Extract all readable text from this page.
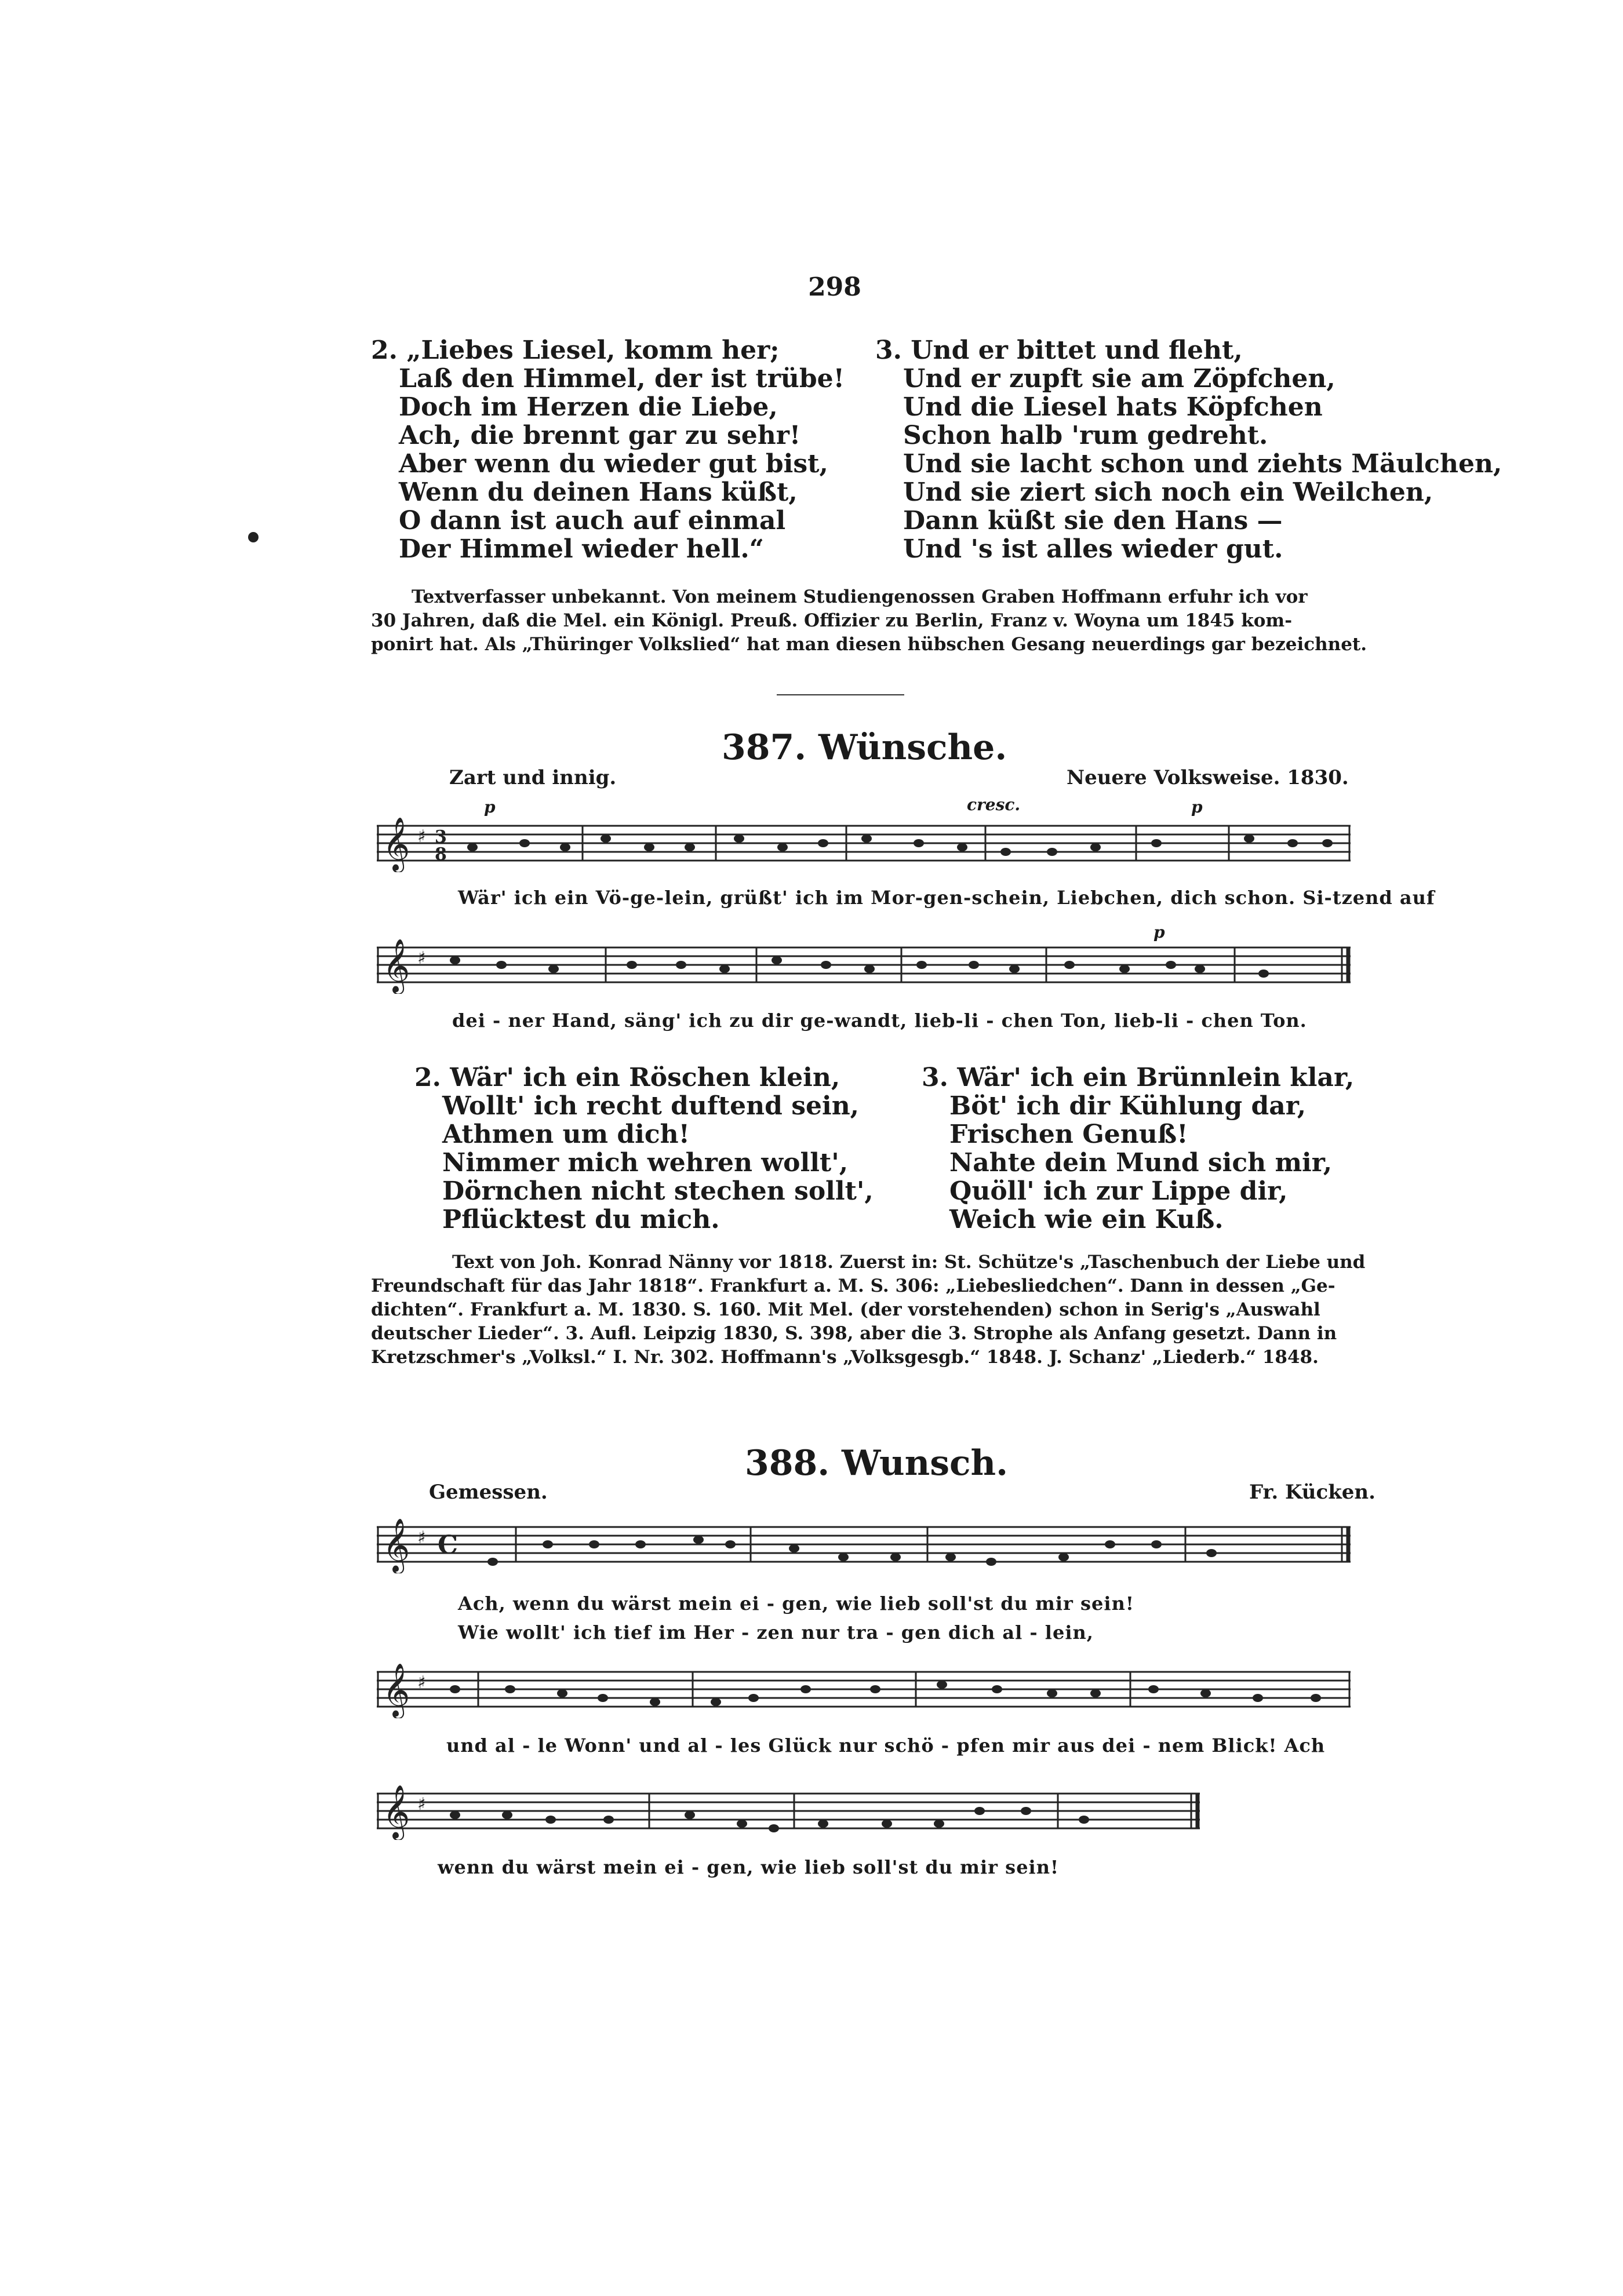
298
2. „Liebes Liesel, komm her;
Laß den Himmel, der ist trübe!
Doch im Herzen die Liebe,
Ach, die brennt gar zu sehr!
Aber wenn du wieder gut bist,
Wenn du deinen Hans küßt,
O dann ist auch auf einmal
Der Himmel wieder hell.“
3. Und er bittet und fleht,
Und er zupft sie am Zöpfchen,
Und die Liesel hats Köpfchen
Schon halb 'rum gedreht.
Und sie lacht schon und ziehts Mäulchen,
Und sie ziert sich noch ein Weilchen,
Dann küßt sie den Hans —
Und 's ist alles wieder gut.
Textverfasser unbekannt. Von meinem Studiengenossen Graben Hoffmann erfuhr ich vor
30 Jahren, daß die Mel. ein Königl. Preuß. Offizier zu Berlin, Franz v. Woyna um 1845 kom-
ponirt hat. Als „Thüringer Volkslied“ hat man diesen hübschen Gesang neuerdings gar bezeichnet.
387. Wünsche.
Zart und innig.	Neuere Volksweise. 1830.
p	cresc.	p
𝄞 ♯ 3
8
Wär' ich ein Vö-ge-lein, grüßt' ich im Mor-gen-schein, Liebchen, dich schon. Si-tzend auf
p
𝄞 ♯
dei - ner Hand, säng' ich zu dir ge-wandt, lieb-li - chen Ton, lieb-li - chen Ton.
2. Wär' ich ein Röschen klein,
Wollt' ich recht duftend sein,
Athmen um dich!
Nimmer mich wehren wollt',
Dörnchen nicht stechen sollt',
Pflücktest du mich.
3. Wär' ich ein Brünnlein klar,
Böt' ich dir Kühlung dar,
Frischen Genuß!
Nahte dein Mund sich mir,
Quöll' ich zur Lippe dir,
Weich wie ein Kuß.
Text von Joh. Konrad Nänny vor 1818. Zuerst in: St. Schütze's „Taschenbuch der Liebe und
Freundschaft für das Jahr 1818“. Frankfurt a. M. S. 306: „Liebesliedchen“. Dann in dessen „Ge-
dichten“. Frankfurt a. M. 1830. S. 160. Mit Mel. (der vorstehenden) schon in Serig's „Auswahl
deutscher Lieder“. 3. Aufl. Leipzig 1830, S. 398, aber die 3. Strophe als Anfang gesetzt. Dann in
Kretzschmer's „Volksl.“ I. Nr. 302. Hoffmann's „Volksgesgb.“ 1848. J. Schanz' „Liederb.“ 1848.
388. Wunsch.
Gemessen.	Fr. Kücken.
𝄞 ♯ C
Ach, wenn du wärst mein ei - gen, wie lieb soll'st du mir sein!
Wie wollt' ich tief im Her - zen nur tra - gen dich al - lein,
𝄞 ♯
und al - le Wonn' und al - les Glück nur schö - pfen mir aus dei - nem Blick! Ach
𝄞 ♯
wenn du wärst mein ei - gen, wie lieb soll'st du mir sein!
